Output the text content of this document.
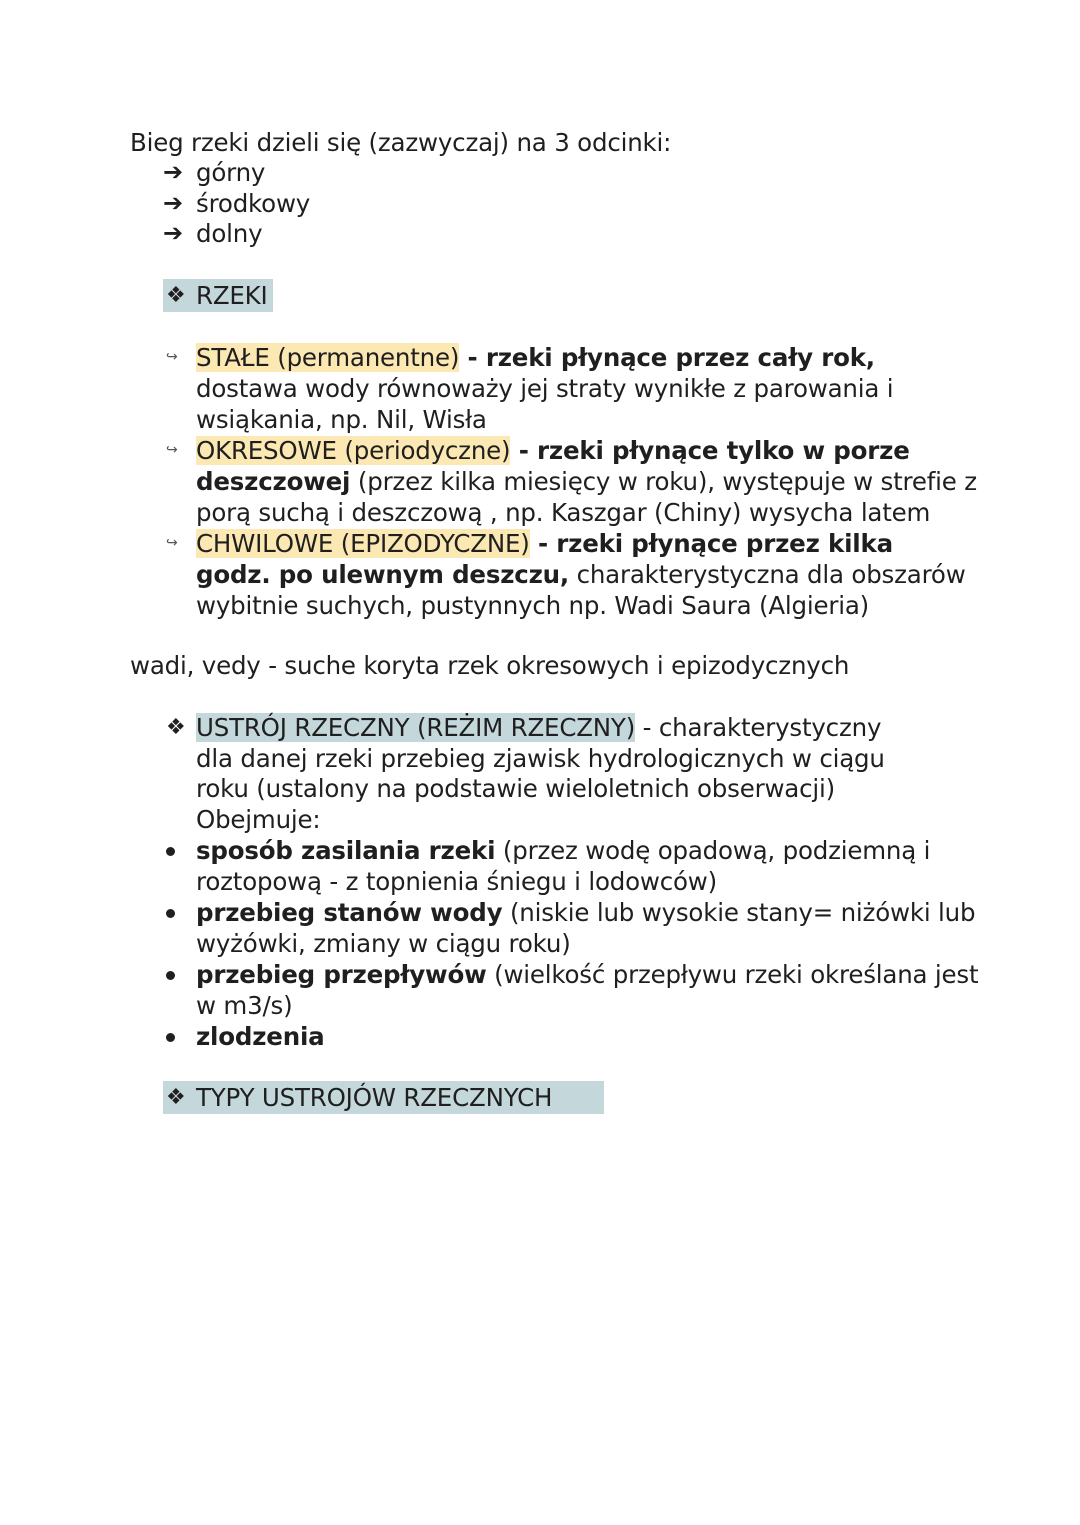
Bieg rzeki dzieli się (zazwyczaj) na 3 odcinki:
➔ górny
➔ środkowy
➔ dolny
❖ RZEKI
↪ STAŁE (permanentne) - rzeki płynące przez cały rok,
dostawa wody równoważy jej straty wynikłe z parowania i
wsiąkania, np. Nil, Wisła
↪ OKRESOWE (periodyczne) - rzeki płynące tylko w porze
deszczowej (przez kilka miesięcy w roku), występuje w strefie z
porą suchą i deszczową , np. Kaszgar (Chiny) wysycha latem
↪ CHWILOWE (EPIZODYCZNE) - rzeki płynące przez kilka
godz. po ulewnym deszczu, charakterystyczna dla obszarów
wybitnie suchych, pustynnych np. Wadi Saura (Algieria)
wadi, vedy - suche koryta rzek okresowych i epizodycznych
❖ USTRÓJ RZECZNY (REŻIM RZECZNY) - charakterystyczny
dla danej rzeki przebieg zjawisk hydrologicznych w ciągu
roku (ustalony na podstawie wieloletnich obserwacji)
Obejmuje:
sposób zasilania rzeki (przez wodę opadową, podziemną i
roztopową - z topnienia śniegu i lodowców)
przebieg stanów wody (niskie lub wysokie stany= niżówki lub
wyżówki, zmiany w ciągu roku)
przebieg przepływów (wielkość przepływu rzeki określana jest
w m3/s)
zlodzenia
❖ TYPY USTROJÓW RZECZNYCH
